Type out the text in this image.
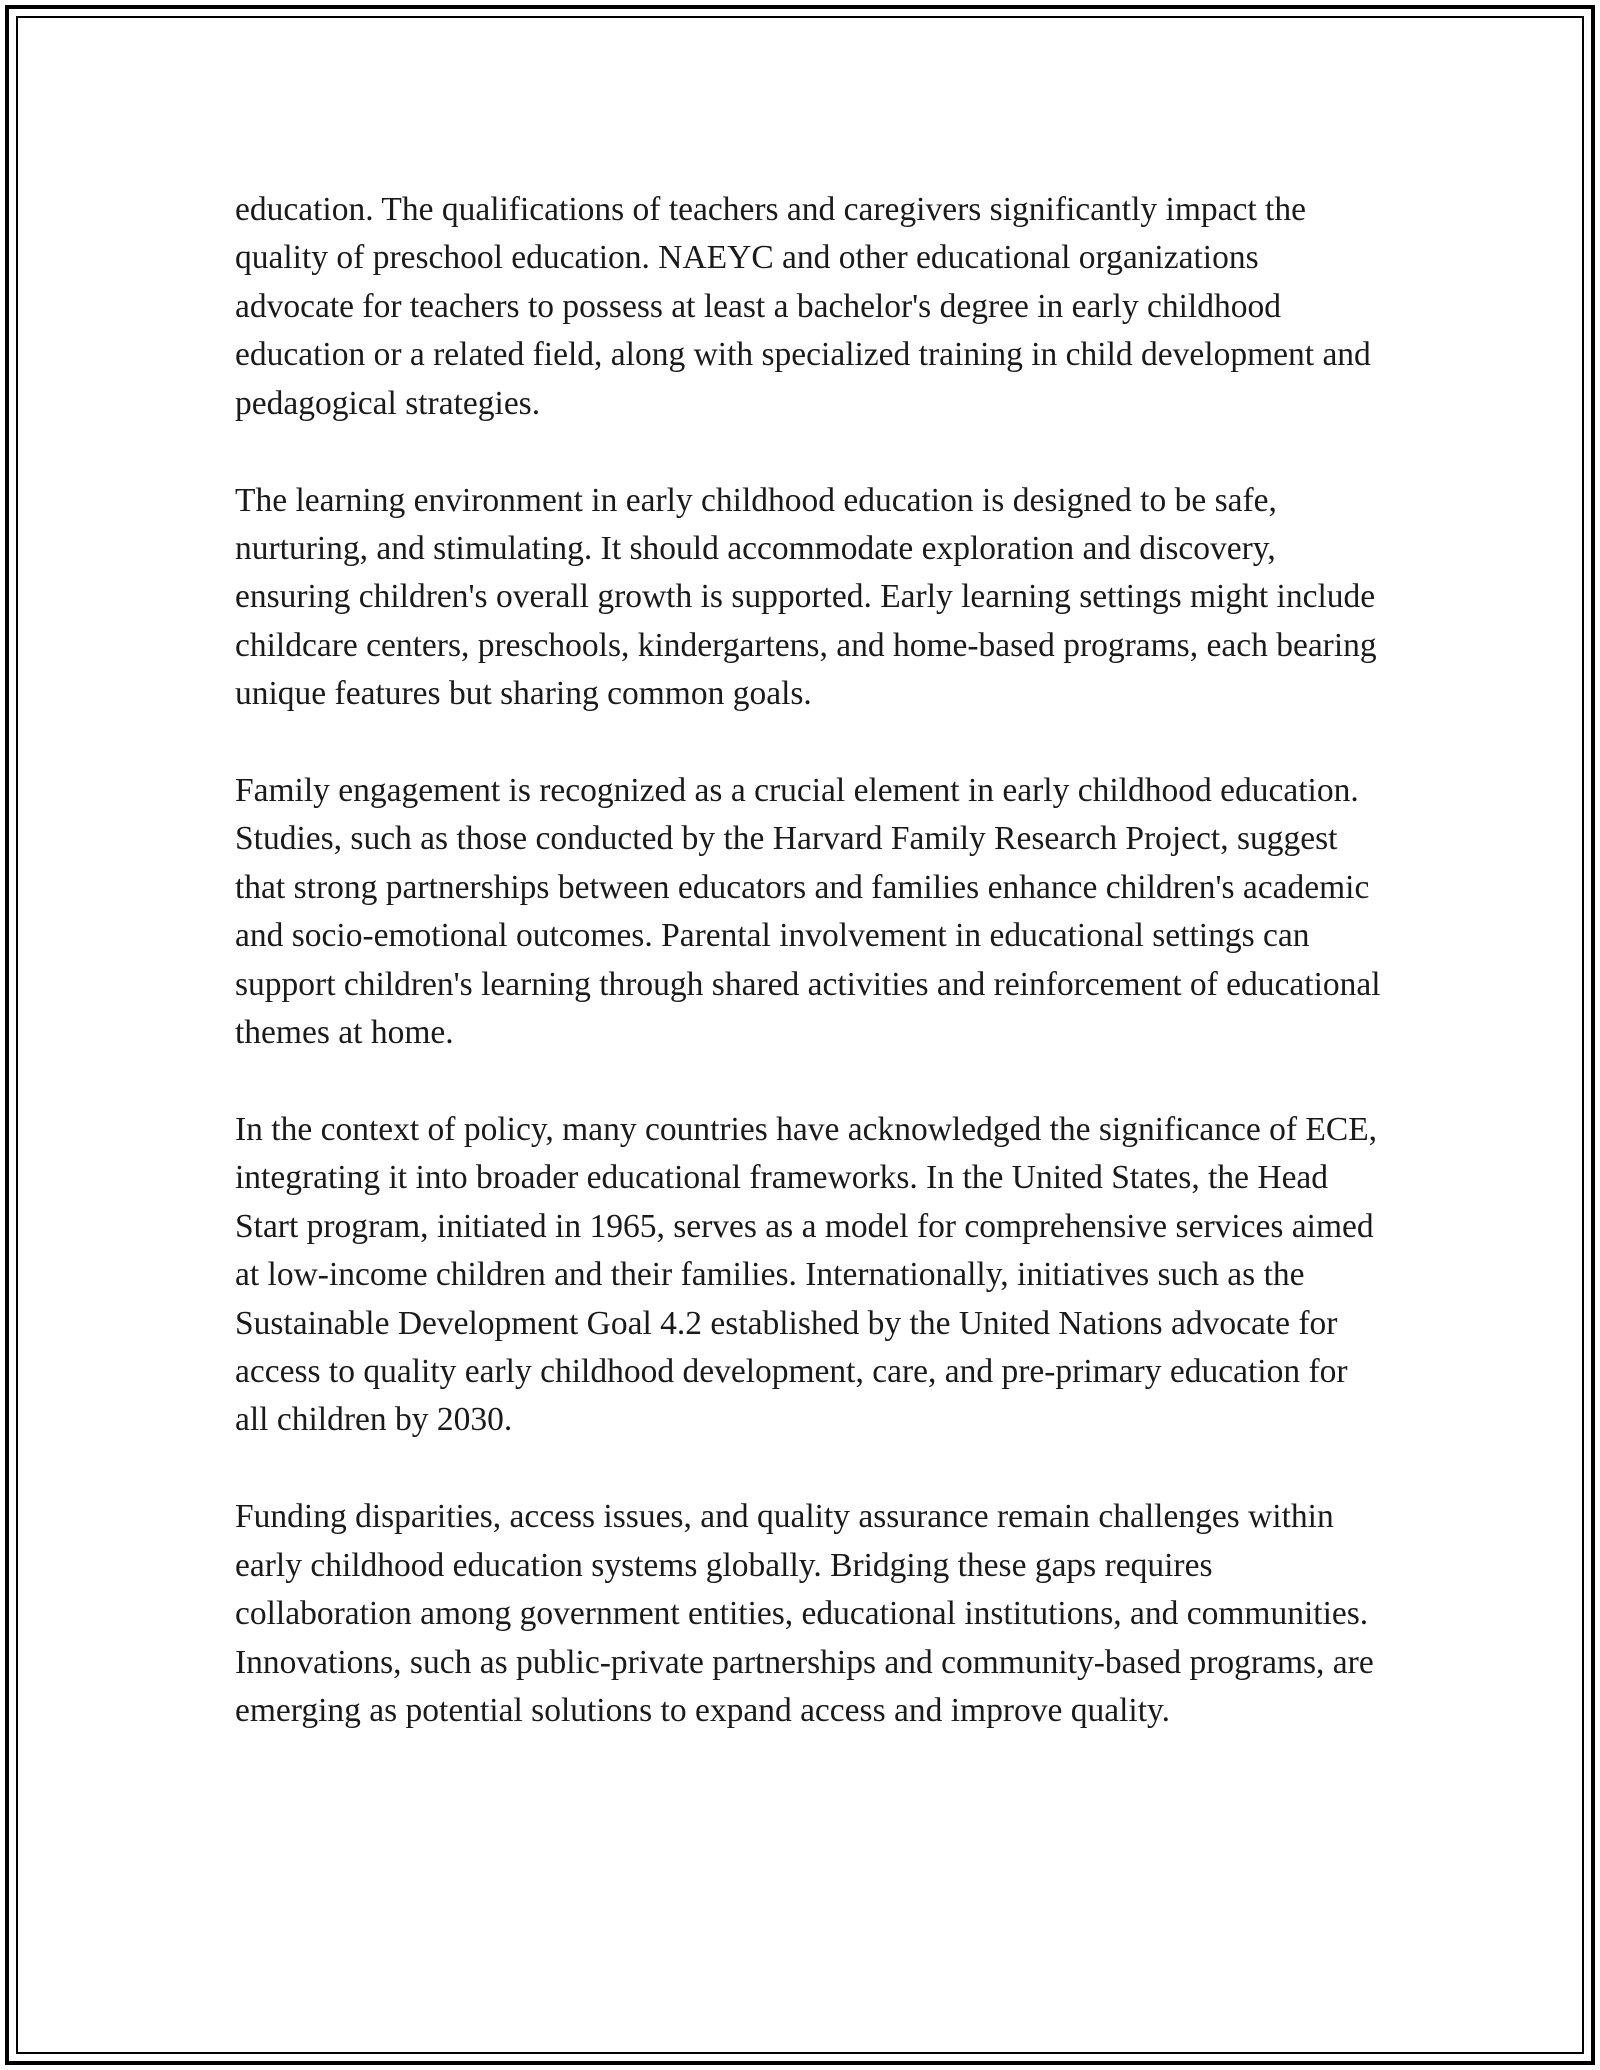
education. The qualifications of teachers and caregivers significantly impact the quality of preschool education. NAEYC and other educational organizations advocate for teachers to possess at least a bachelor's degree in early childhood education or a related field, along with specialized training in child development and pedagogical strategies.

The learning environment in early childhood education is designed to be safe, nurturing, and stimulating. It should accommodate exploration and discovery, ensuring children's overall growth is supported. Early learning settings might include childcare centers, preschools, kindergartens, and home-based programs, each bearing unique features but sharing common goals.

Family engagement is recognized as a crucial element in early childhood education. Studies, such as those conducted by the Harvard Family Research Project, suggest that strong partnerships between educators and families enhance children's academic and socio-emotional outcomes. Parental involvement in educational settings can support children's learning through shared activities and reinforcement of educational themes at home.

In the context of policy, many countries have acknowledged the significance of ECE, integrating it into broader educational frameworks. In the United States, the Head Start program, initiated in 1965, serves as a model for comprehensive services aimed at low-income children and their families. Internationally, initiatives such as the Sustainable Development Goal 4.2 established by the United Nations advocate for access to quality early childhood development, care, and pre-primary education for all children by 2030.

Funding disparities, access issues, and quality assurance remain challenges within early childhood education systems globally. Bridging these gaps requires collaboration among government entities, educational institutions, and communities. Innovations, such as public-private partnerships and community-based programs, are emerging as potential solutions to expand access and improve quality.
